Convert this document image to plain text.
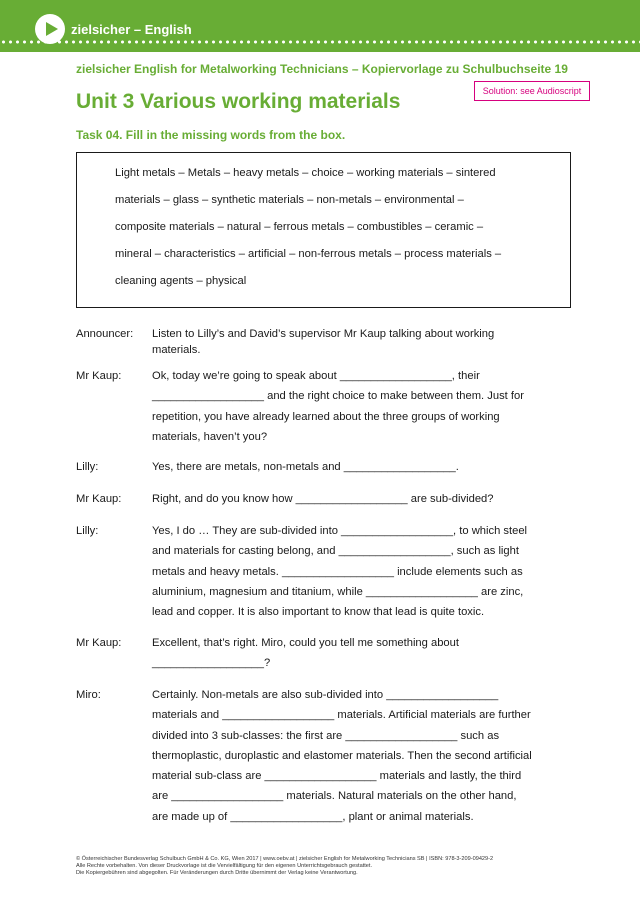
zielsicher – English
zielsicher English for Metalworking Technicians – Kopiervorlage zu Schulbuchseite 19
Unit 3 Various working materials	Solution: see Audioscript
Task 04. Fill in the missing words from the box.
Light metals – Metals – heavy metals – choice – working materials – sintered
materials – glass – synthetic materials – non-metals – environmental –
composite materials – natural – ferrous metals – combustibles – ceramic –
mineral – characteristics – artificial – non-ferrous metals – process materials –
cleaning agents – physical
Announcer:	Listen to Lilly’s and David’s supervisor Mr Kaup talking about working
materials.
Mr Kaup:	Ok, today we’re going to speak about __________________, their
__________________ and the right choice to make between them. Just for
repetition, you have already learned about the three groups of working
materials, haven’t you?
Lilly:	Yes, there are metals, non-metals and __________________.
Mr Kaup:	Right, and do you know how __________________ are sub-divided?
Lilly:	Yes, I do … They are sub-divided into __________________, to which steel
and materials for casting belong, and __________________, such as light
metals and heavy metals. __________________ include elements such as
aluminium, magnesium and titanium, while __________________ are zinc,
lead and copper. It is also important to know that lead is quite toxic.
Mr Kaup:	Excellent, that’s right. Miro, could you tell me something about
__________________?
Miro:	Certainly. Non-metals are also sub-divided into __________________
materials and __________________ materials. Artificial materials are further
divided into 3 sub-classes: the first are __________________ such as
thermoplastic, duroplastic and elastomer materials. Then the second artificial
material sub-class are __________________ materials and lastly, the third
are __________________ materials. Natural materials on the other hand,
are made up of __________________, plant or animal materials.
© Österreichischer Bundesverlag Schulbuch GmbH & Co. KG, Wien 2017 | www.oebv.at | zielsicher English for Metalworking Technicians SB | ISBN: 978-3-209-09429-2
Alle Rechte vorbehalten. Von dieser Druckvorlage ist die Vervielfältigung für den eigenen Unterrichtsgebrauch gestattet.
Die Kopiergebühren sind abgegolten. Für Veränderungen durch Dritte übernimmt der Verlag keine Verantwortung.
